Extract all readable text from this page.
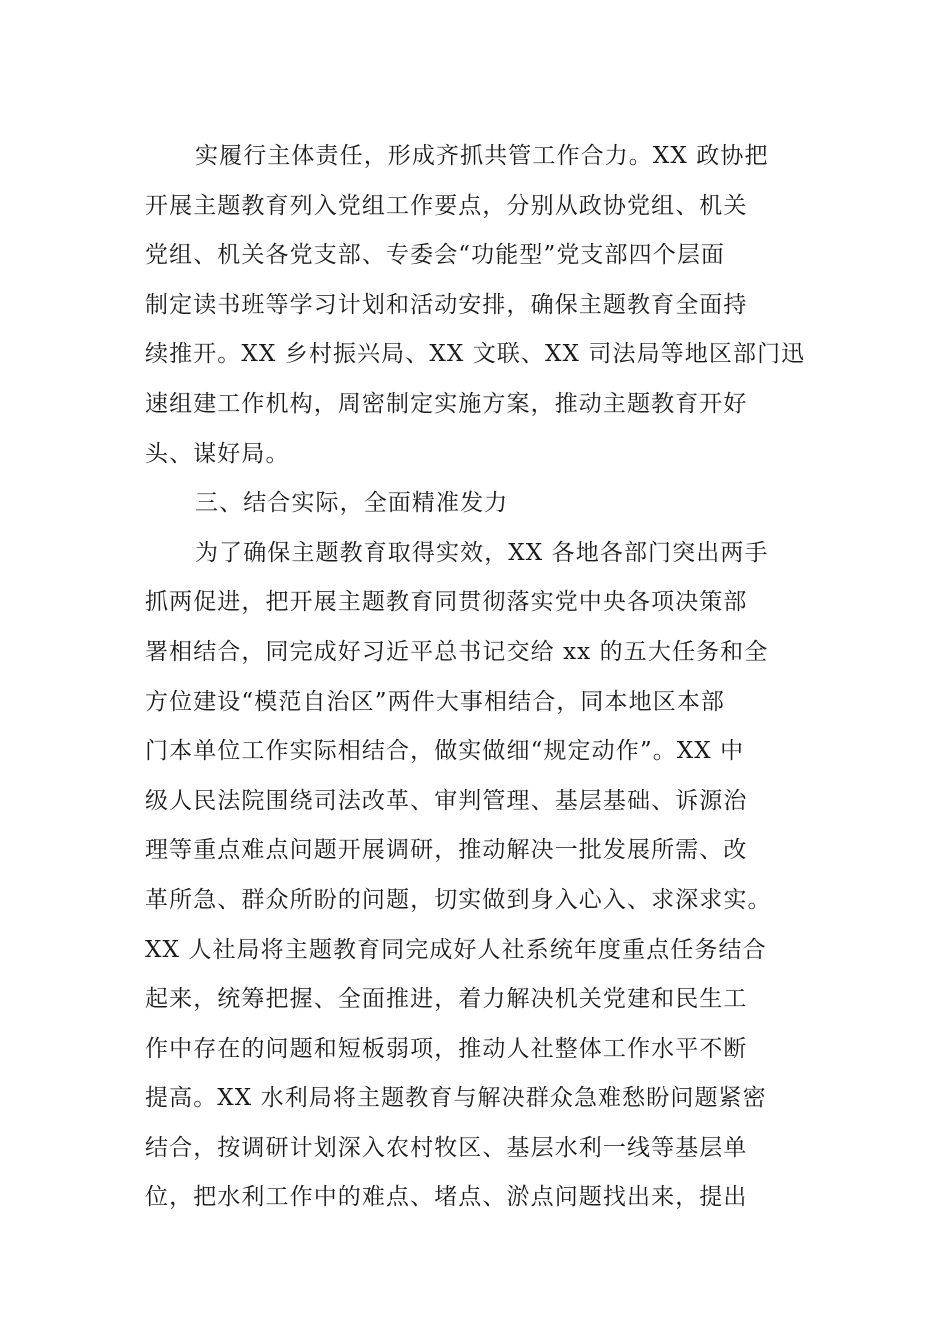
实履行主体责任，形成齐抓共管工作合力。XX 政协把
开展主题教育列入党组工作要点，分别从政协党组、机关
党组、机关各党支部、专委会“功能型”党支部四个层面
制定读书班等学习计划和活动安排，确保主题教育全面持
续推开。XX 乡村振兴局、XX 文联、XX 司法局等地区部门迅
速组建工作机构，周密制定实施方案，推动主题教育开好
头、谋好局。
三、结合实际，全面精准发力
为了确保主题教育取得实效，XX 各地各部门突出两手
抓两促进，把开展主题教育同贯彻落实党中央各项决策部
署相结合，同完成好习近平总书记交给 xx 的五大任务和全
方位建设“模范自治区”两件大事相结合，同本地区本部
门本单位工作实际相结合，做实做细“规定动作”。XX 中
级人民法院围绕司法改革、审判管理、基层基础、诉源治
理等重点难点问题开展调研，推动解决一批发展所需、改
革所急、群众所盼的问题，切实做到身入心入、求深求实。
XX 人社局将主题教育同完成好人社系统年度重点任务结合
起来，统筹把握、全面推进，着力解决机关党建和民生工
作中存在的问题和短板弱项，推动人社整体工作水平不断
提高。XX 水利局将主题教育与解决群众急难愁盼问题紧密
结合，按调研计划深入农村牧区、基层水利一线等基层单
位，把水利工作中的难点、堵点、淤点问题找出来，提出
